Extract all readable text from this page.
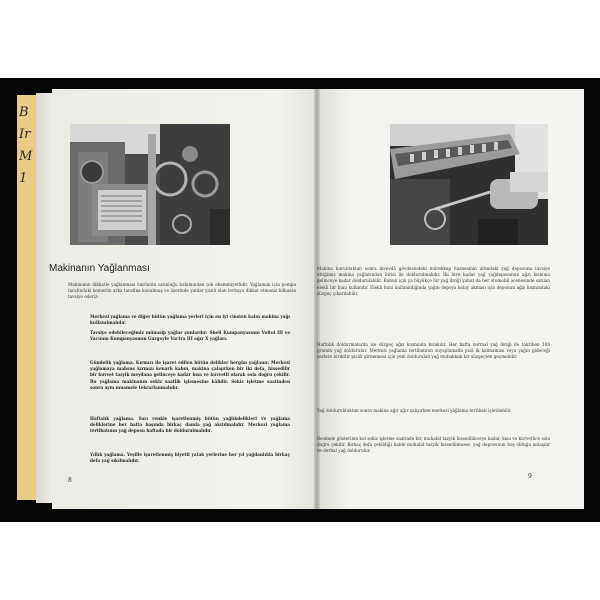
B
Ir
M
1
Makinanın Yağlanması
Makinanın dikkatle yağlanması ömrünün uzunluğu bakımından çok ehemmiyetlidir. Yağlamak için pompa tarafındaki kemerlin arka tarafına konulmuş ve üzerinde şunlar yazılı olan levhaya dikkat etmeniz bilhassa tavsiye ederiz:
Merkezi yağlama ve diğer bütün yağlama yerleri için en iyi cinsten kalın makina yağı kullanılmalıdır.
Tavsiye edebileceğimiz münasip yağlar şunlardır: Shell Kumpanyasının Voltol III ve Vacuum Kumpanyasının Gargoyle Vactra III ağır X yağları.
Gündelik yağlama. Kırmızı ile işaret edilen bütün delikler hergün yağlanır. Merkezi yağlamaya mahsus kırmızı kenarlı kabın, makina çalışırken bir iki defa, hissedilir bir kuvvet tazyik meydana gelinceye kadar kısa ve kuvvetli olarak sola doğru çekilir. Bu yağlama makinanın sekiz saatlik işlemesine kâfidir. Sekiz işletme saatinden sonra aynı muamele tekrarlanmalıdır.
Haftalık yağlama. Sarı renkle işaretlenmiş bütün yağlıkdelikleri ve yağlama deliklerine her hafta başında birkaç damla yağ akıtılmalıdır. Merkezi yağlama tertibatının yağ deposu haftada bir doldurulmalıdır.
Yıllık yağlama. Yeşille işaretlenmiş hiyetli yatak yerlerine her yıl yağdanlıkla birkaç defa yağ sıkılmalıdır.
8
Makina kurulduktan sonra ikvevdâ gövdesindeki mürekkep haznesinin altındaki yağ deposuna tavsiye ettiğimiz makina yağlarından birisi ile doldurulmalıdır. İki litre kadar yağ yağdeposunun ağzı kısmına gelinceye kadar doldurulabilir. Bunun için ya büyükçe bir yağ ibriği yahut da her otomobil acenesinde satılan elekli bir huni kullanılır. Elekli huni kullanıldığında yağın depoya kolay akması için deponun ağzı kısmındaki süzgeç çıkarılabilir.
Haftalık doldurmalarda ise süzgeç ağız kısmında bırakılır. Her hafta normal yağ ibriği ile takriben 100 gramm yağ doldurulur. Merkezi yağlama tertibatının suyaplamada pisâ ik kalmaması veya yağın gideceği yerlere birikttir pisâk girmemesi için yeni doldurulan yağ muhakkak bir süzgeçten geçmelidir.
Yağ doldurulduktan sonra makina ağır ağır çalışırken merkezi yağlama tertibatı işletilebilir.
Resimde gösterilen kol sekiz işletme saatinde bir, muhabil tazyik hissedilinceye kadar, kısa ve kuvvetlice sola doğru çekilir. Birkaç defa çekildiği halde muhabil tazyik hissedilmezse, yağ deposunun boş olduğu anlaşılır ve derhal yağ doldurulur.
9
